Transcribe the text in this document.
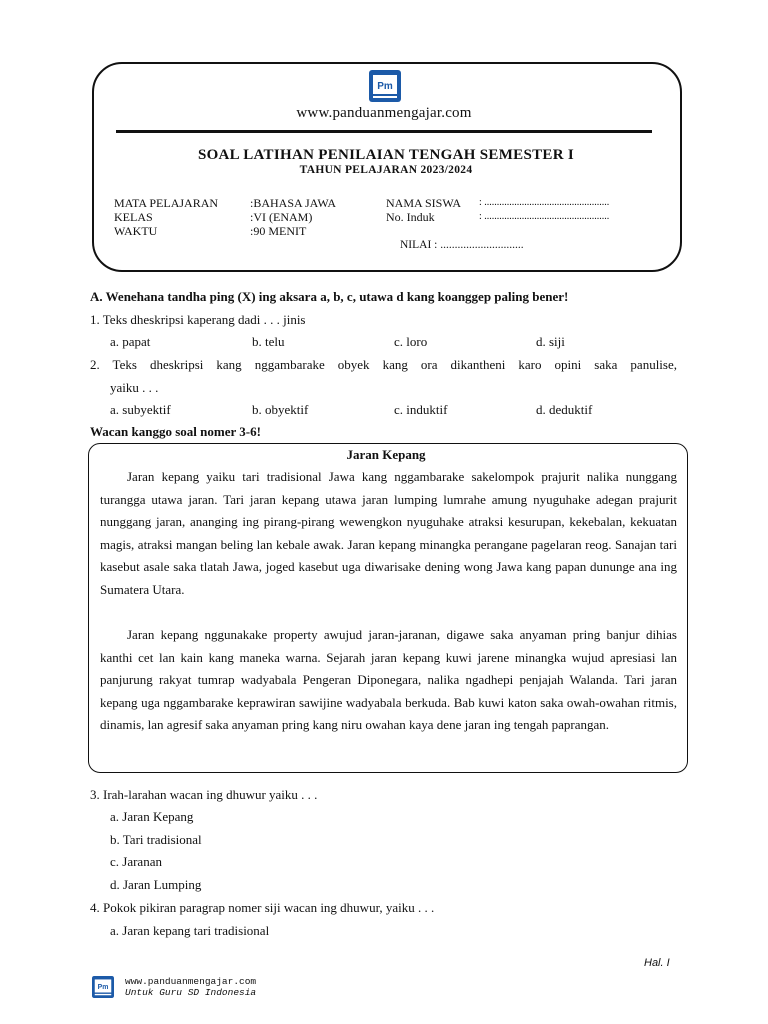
Pm
www.panduanmengajar.com
SOAL LATIHAN PENILAIAN TENGAH SEMESTER I
TAHUN PELAJARAN 2023/2024
MATA PELAJARAN	:BAHASA JAWA
KELAS	:VI (ENAM)
WAKTU	:90 MENIT
NAMA SISWA : ..................................................
No. Induk	: ..................................................
NILAI : .............................
A. Wenehana tandha ping (X) ing aksara a, b, c, utawa d kang koanggep paling bener!
1. Teks dheskripsi kaperang dadi . . . jinis
a. papat	b. telu	c. loro	d. siji
2. Teks dheskripsi kang nggambarake obyek kang ora dikantheni karo opini saka panulise,
yaiku . . .
a. subyektif	b. obyektif	c. induktif	d. deduktif
Wacan kanggo soal nomer 3-6!
Jaran Kepang
Jaran kepang yaiku tari tradisional Jawa kang nggambarake sakelompok prajurit nalika nunggang turangga utawa jaran. Tari jaran kepang utawa jaran lumping lumrahe amung nyuguhake adegan prajurit nunggang jaran, ananging ing pirang-pirang wewengkon nyuguhake atraksi kesurupan, kekebalan, kekuatan magis, atraksi mangan beling lan kebale awak. Jaran kepang minangka perangane pagelaran reog. Sanajan tari kasebut asale saka tlatah Jawa, joged kasebut uga diwarisake dening wong Jawa kang papan dununge ana ing Sumatera Utara.
Jaran kepang nggunakake property awujud jaran-jaranan, digawe saka anyaman pring banjur dihias kanthi cet lan kain kang maneka warna. Sejarah jaran kepang kuwi jarene minangka wujud apresiasi lan panjurung rakyat tumrap wadyabala Pengeran Diponegara, nalika ngadhepi penjajah Walanda. Tari jaran kepang uga nggambarake keprawiran sawijine wadyabala berkuda. Bab kuwi katon saka owah-owahan ritmis, dinamis, lan agresif saka anyaman pring kang niru owahan kaya dene jaran ing tengah paprangan.
3. Irah-larahan wacan ing dhuwur yaiku . . .
a. Jaran Kepang
b. Tari tradisional
c. Jaranan
d. Jaran Lumping
4. Pokok pikiran paragrap nomer siji wacan ing dhuwur, yaiku . . .
a. Jaran kepang tari tradisional
Hal. I
Pm
www.panduanmengajar.com
Untuk Guru SD Indonesia
